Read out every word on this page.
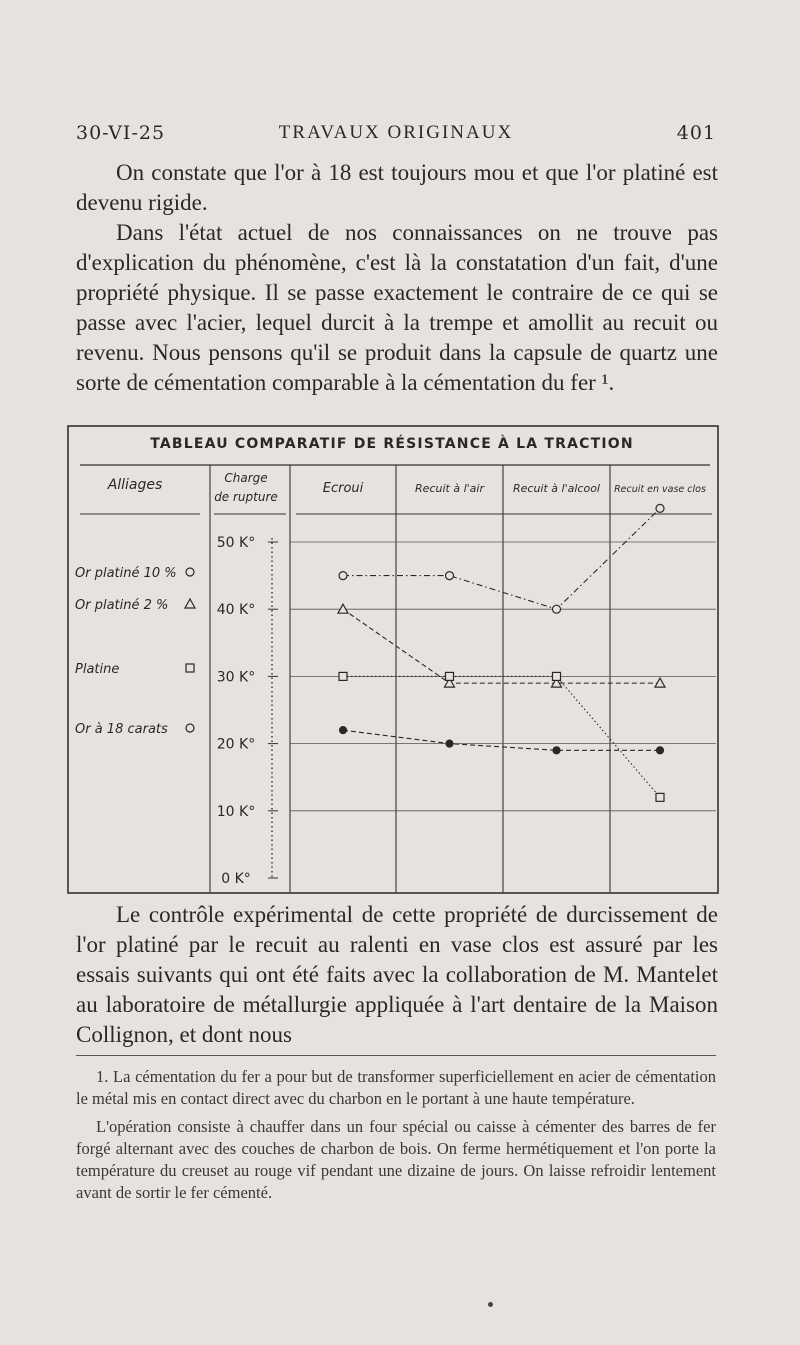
30-VI-25	TRAVAUX ORIGINAUX	401

On constate que l'or à 18 est toujours mou et que l'or platiné est devenu rigide.

Dans l'état actuel de nos connaissances on ne trouve pas d'explication du phénomène, c'est là la constatation d'un fait, d'une propriété physique. Il se passe exactement le contraire de ce qui se passe avec l'acier, lequel durcit à la trempe et amollit au recuit ou revenu. Nous pensons qu'il se produit dans la capsule de quartz une sorte de cémentation comparable à la cémentation du fer ¹.

TABLEAU COMPARATIF DE RÉSISTANCE À LA TRACTION
Alliages	Charge
de rupture
Ecroui	Recuit à l'air	Recuit à l'alcool Recuit en vase clos
50 K°
40 K°
30 K°
20 K°
10 K°
0 K°
Or platiné 10 %
Or platiné 2 %
Platine
Or à 18 carats

Le contrôle expérimental de cette propriété de durcissement de l'or platiné par le recuit au ralenti en vase clos est assuré par les essais suivants qui ont été faits avec la collaboration de M. Mantelet au laboratoire de métallurgie appliquée à l'art dentaire de la Maison Collignon, et dont nous

1. La cémentation du fer a pour but de transformer superficiellement en acier de cémentation le métal mis en contact direct avec du charbon en le portant à une haute température.

L'opération consiste à chauffer dans un four spécial ou caisse à cémenter des barres de fer forgé alternant avec des couches de charbon de bois. On ferme hermétiquement et l'on porte la température du creuset au rouge vif pendant une dizaine de jours. On laisse refroidir lentement avant de sortir le fer cémenté.
